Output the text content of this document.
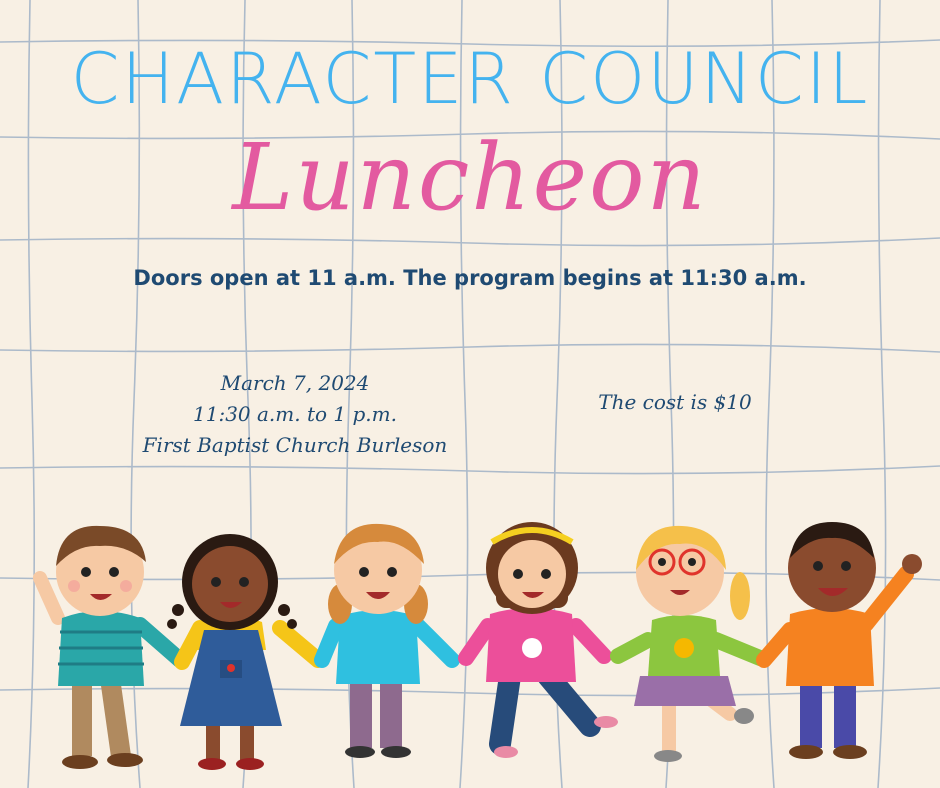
CHARACTER COUNCIL
Luncheon
Doors open at 11 a.m. The program begins at 11:30 a.m.
March 7, 2024
11:30 a.m. to 1 p.m.
First Baptist Church Burleson
The cost is $10
